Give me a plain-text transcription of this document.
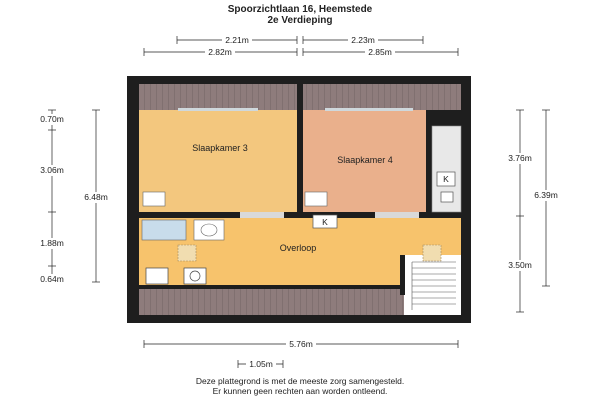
Spoorzichtlaan 16, Heemstede
2e Verdieping
K
K
Slaapkamer 3
Slaapkamer 4
Overloop
2.21m	2.23m
2.82m	2.85m
0.70m
3.06m
6.48m
1.88m
0.64m
3.76m
6.39m
3.50m
5.76m
1.05m
Deze plattegrond is met de meeste zorg samengesteld.
Er kunnen geen rechten aan worden ontleend.
